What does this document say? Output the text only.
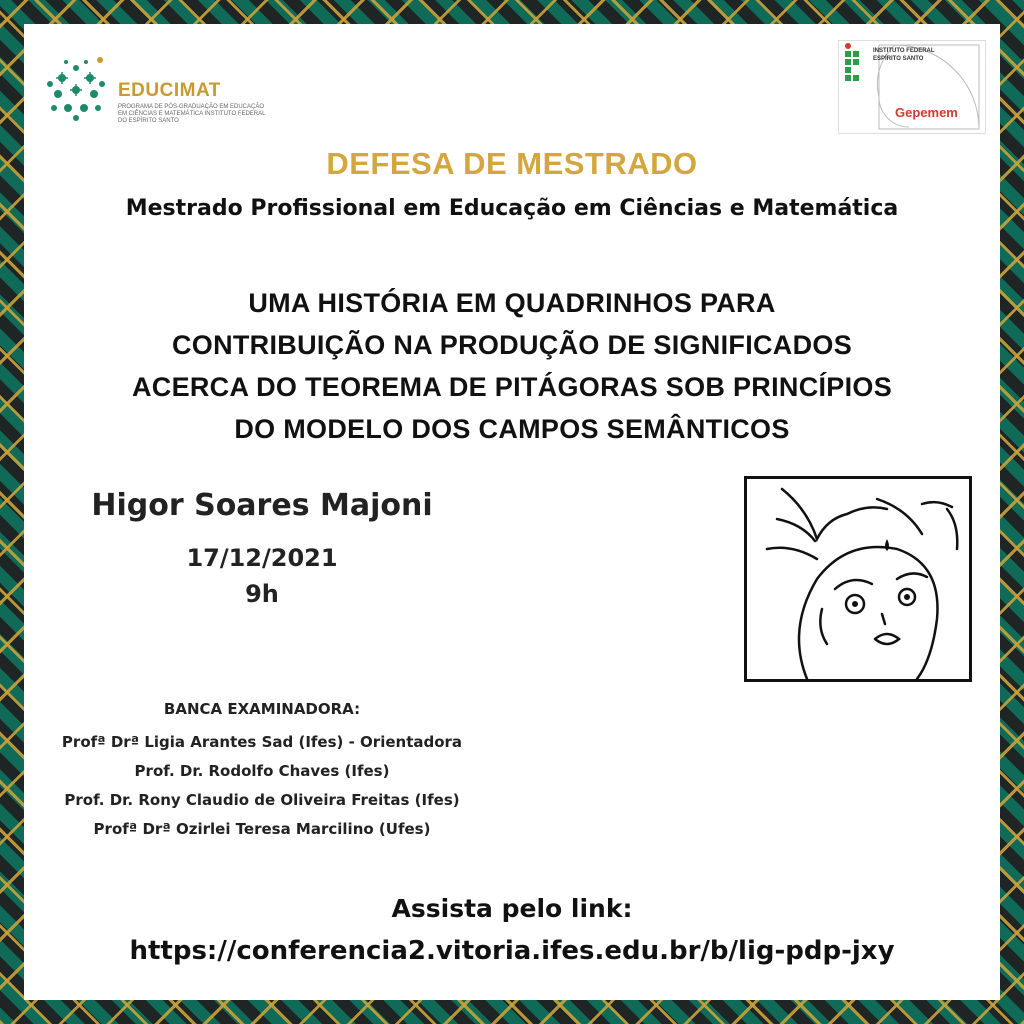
EDUCIMAT
PROGRAMA DE PÓS-GRADUAÇÃO EM EDUCAÇÃO EM CIÊNCIAS E MATEMÁTICA INSTITUTO FEDERAL DO ESPÍRITO SANTO
INSTITUTO FEDERAL ESPÍRITO SANTO
Gepemem
DEFESA DE MESTRADO
Mestrado Profissional em Educação em Ciências e Matemática
UMA HISTÓRIA EM QUADRINHOS PARA
CONTRIBUIÇÃO NA PRODUÇÃO DE SIGNIFICADOS
ACERCA DO TEOREMA DE PITÁGORAS SOB PRINCÍPIOS
DO MODELO DOS CAMPOS SEMÂNTICOS
Higor Soares Majoni
17/12/2021
9h
BANCA EXAMINADORA:
Profª Drª Ligia Arantes Sad (Ifes) - Orientadora
Prof. Dr. Rodolfo Chaves (Ifes)
Prof. Dr. Rony Claudio de Oliveira Freitas (Ifes)
Profª Drª Ozirlei Teresa Marcilino (Ufes)
Assista pelo link:
https://conferencia2.vitoria.ifes.edu.br/b/lig-pdp-jxy
